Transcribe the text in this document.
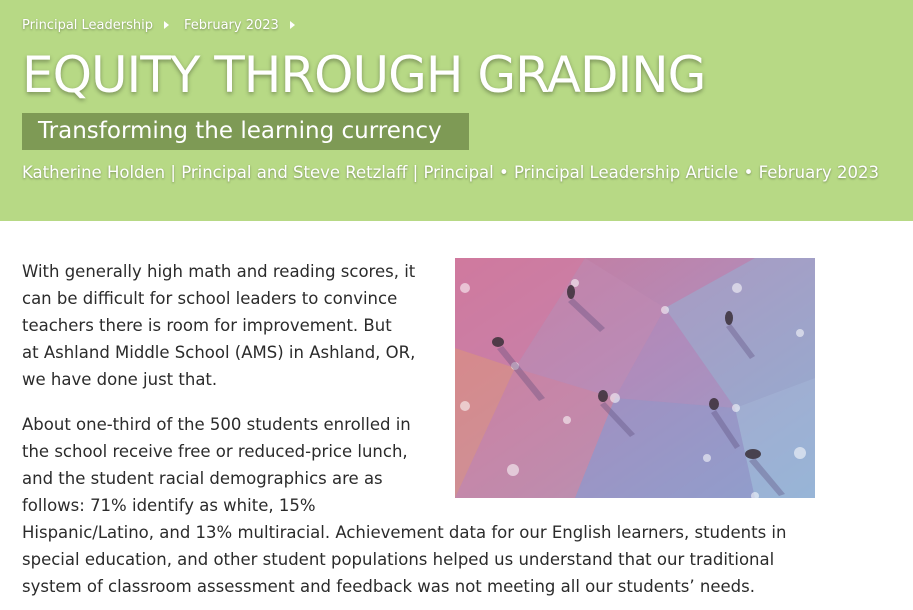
Principal Leadership February 2023
EQUITY THROUGH GRADING
Transforming the learning currency
Katherine Holden | Principal and Steve Retzlaff | Principal • Principal Leadership Article • February 2023
With generally high math and reading scores, it
can be difficult for school leaders to convince
teachers there is room for improvement. But
at Ashland Middle School (AMS) in Ashland, OR,
we have done just that.
About one-third of the 500 students enrolled in
the school receive free or reduced-price lunch,
and the student racial demographics are as
follows: 71% identify as white, 15%
Hispanic/Latino, and 13% multiracial. Achievement data for our English learners, students in
special education, and other student populations helped us understand that our traditional
system of classroom assessment and feedback was not meeting all our students’ needs.
